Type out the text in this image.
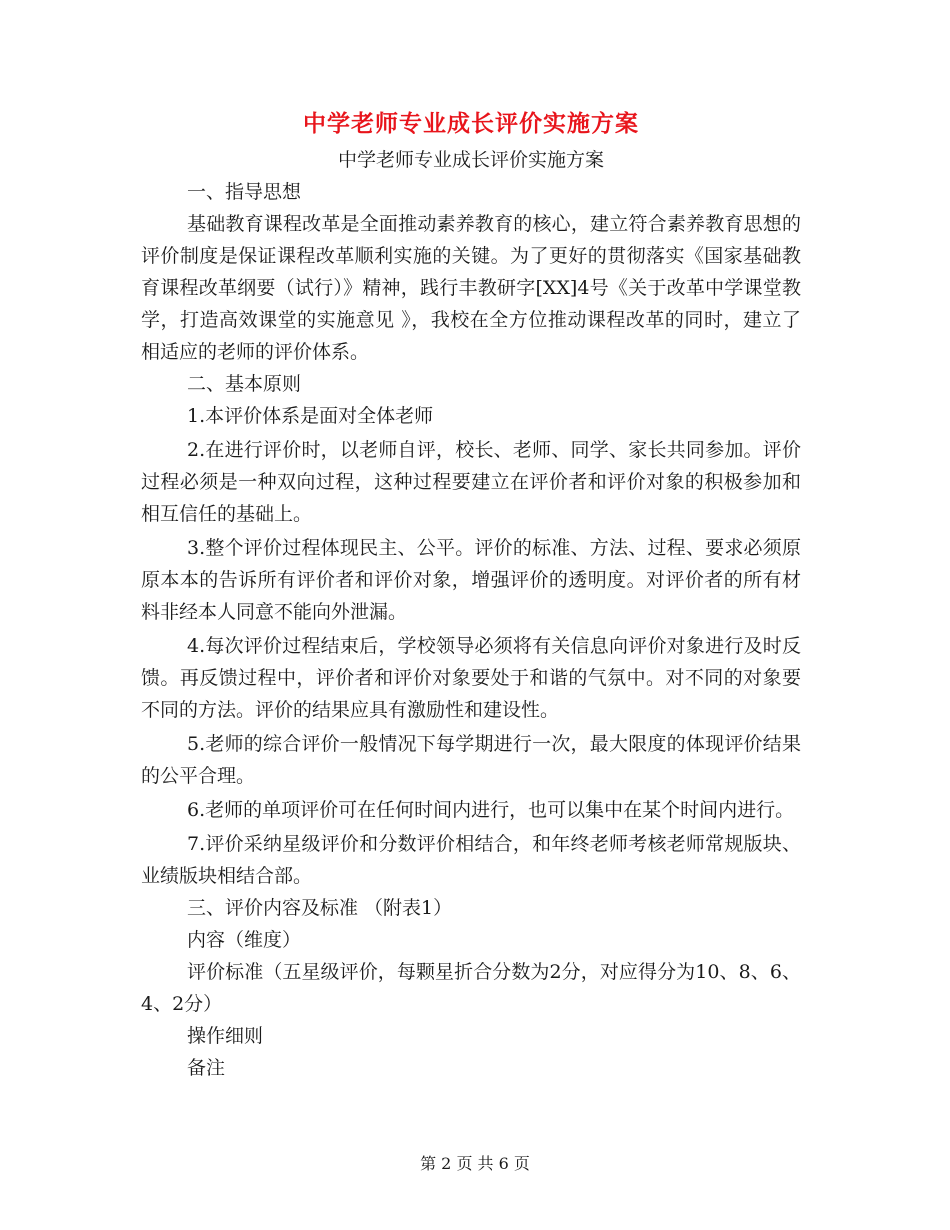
中学老师专业成长评价实施方案

中学老师专业成长评价实施方案

一、指导思想

基础教育课程改革是全面推动素养教育的核心，建立符合素养教育思想的评价制度是保证课程改革顺利实施的关键。为了更好的贯彻落实《国家基础教育课程改革纲要（试行）》精神，践行丰教研字[XX]4号《关于改革中学课堂教学，打造高效课堂的实施意见 》，我校在全方位推动课程改革的同时，建立了相适应的老师的评价体系。

二、基本原则

1.本评价体系是面对全体老师

2.在进行评价时，以老师自评，校长、老师、同学、家长共同参加。评价过程必须是一种双向过程，这种过程要建立在评价者和评价对象的积极参加和相互信任的基础上。

3.整个评价过程体现民主、公平。评价的标准、方法、过程、要求必须原原本本的告诉所有评价者和评价对象，增强评价的透明度。对评价者的所有材料非经本人同意不能向外泄漏。

4.每次评价过程结束后，学校领导必须将有关信息向评价对象进行及时反馈。再反馈过程中，评价者和评价对象要处于和谐的气氛中。对不同的对象要不同的方法。评价的结果应具有激励性和建设性。

5.老师的综合评价一般情况下每学期进行一次，最大限度的体现评价结果的公平合理。

6.老师的单项评价可在任何时间内进行，也可以集中在某个时间内进行。

7.评价采纳星级评价和分数评价相结合，和年终老师考核老师常规版块、业绩版块相结合部。

三、评价内容及标准 （附表1）

内容（维度）

评价标准（五星级评价，每颗星折合分数为2分，对应得分为10、8、6、4、2分）

操作细则

备注

第 2 页 共 6 页
